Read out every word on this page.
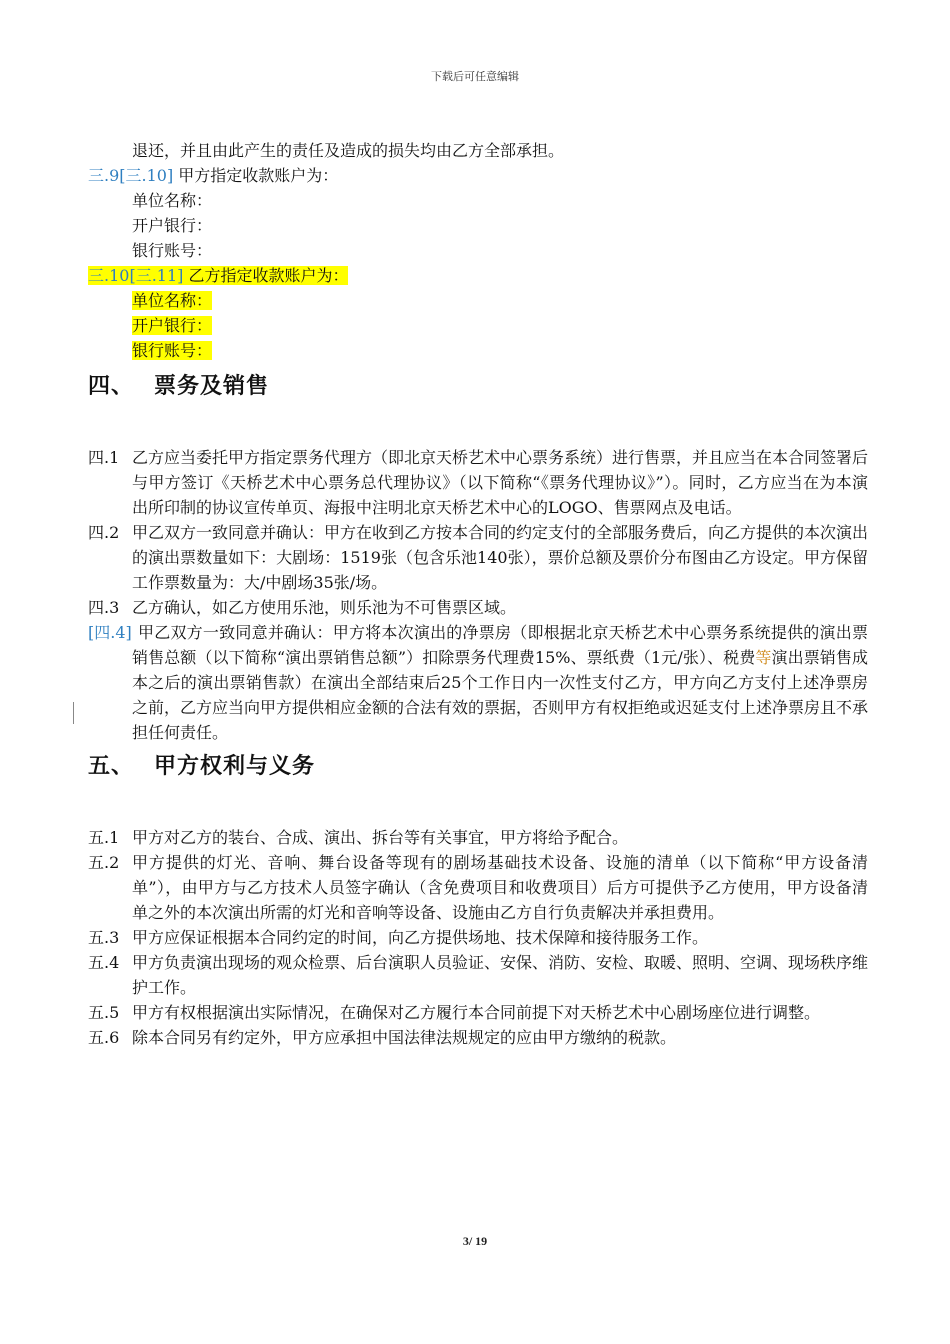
下载后可任意编辑
退还，并且由此产生的责任及造成的损失均由乙方全部承担。
三.9[三.10] 甲方指定收款账户为：
单位名称：
开户银行：
银行账号：
三.10[三.11] 乙方指定收款账户为：
单位名称：
开户银行：
银行账号：
四、 票务及销售
四.1 乙方应当委托甲方指定票务代理方（即北京天桥艺术中心票务系统）进行售票，并且应当在本合同签署后与甲方签订《天桥艺术中心票务总代理协议》（以下简称“《票务代理协议》”）。同时，乙方应当在为本演出所印制的协议宣传单页、海报中注明北京天桥艺术中心的LOGO、售票网点及电话。
四.2 甲乙双方一致同意并确认：甲方在收到乙方按本合同的约定支付的全部服务费后，向乙方提供的本次演出的演出票数量如下：大剧场：1519张（包含乐池140张），票价总额及票价分布图由乙方设定。甲方保留工作票数量为：大/中剧场35张/场。
四.3 乙方确认，如乙方使用乐池，则乐池为不可售票区域。
[四.4] 甲乙双方一致同意并确认：甲方将本次演出的净票房（即根据北京天桥艺术中心票务系统提供的演出票销售总额（以下简称“演出票销售总额”）扣除票务代理费15%、票纸费（1元/张）、税费等演出票销售成本之后的演出票销售款）在演出全部结束后25个工作日内一次性支付乙方，甲方向乙方支付上述净票房之前，乙方应当向甲方提供相应金额的合法有效的票据，否则甲方有权拒绝或迟延支付上述净票房且不承担任何责任。
五、 甲方权利与义务
五.1 甲方对乙方的装台、合成、演出、拆台等有关事宜，甲方将给予配合。
五.2 甲方提供的灯光、音响、舞台设备等现有的剧场基础技术设备、设施的清单（以下简称“甲方设备清单”），由甲方与乙方技术人员签字确认（含免费项目和收费项目）后方可提供予乙方使用，甲方设备清单之外的本次演出所需的灯光和音响等设备、设施由乙方自行负责解决并承担费用。
五.3 甲方应保证根据本合同约定的时间，向乙方提供场地、技术保障和接待服务工作。
五.4 甲方负责演出现场的观众检票、后台演职人员验证、安保、消防、安检、取暖、照明、空调、现场秩序维护工作。
五.5 甲方有权根据演出实际情况，在确保对乙方履行本合同前提下对天桥艺术中心剧场座位进行调整。
五.6 除本合同另有约定外，甲方应承担中国法律法规规定的应由甲方缴纳的税款。
3/ 19
